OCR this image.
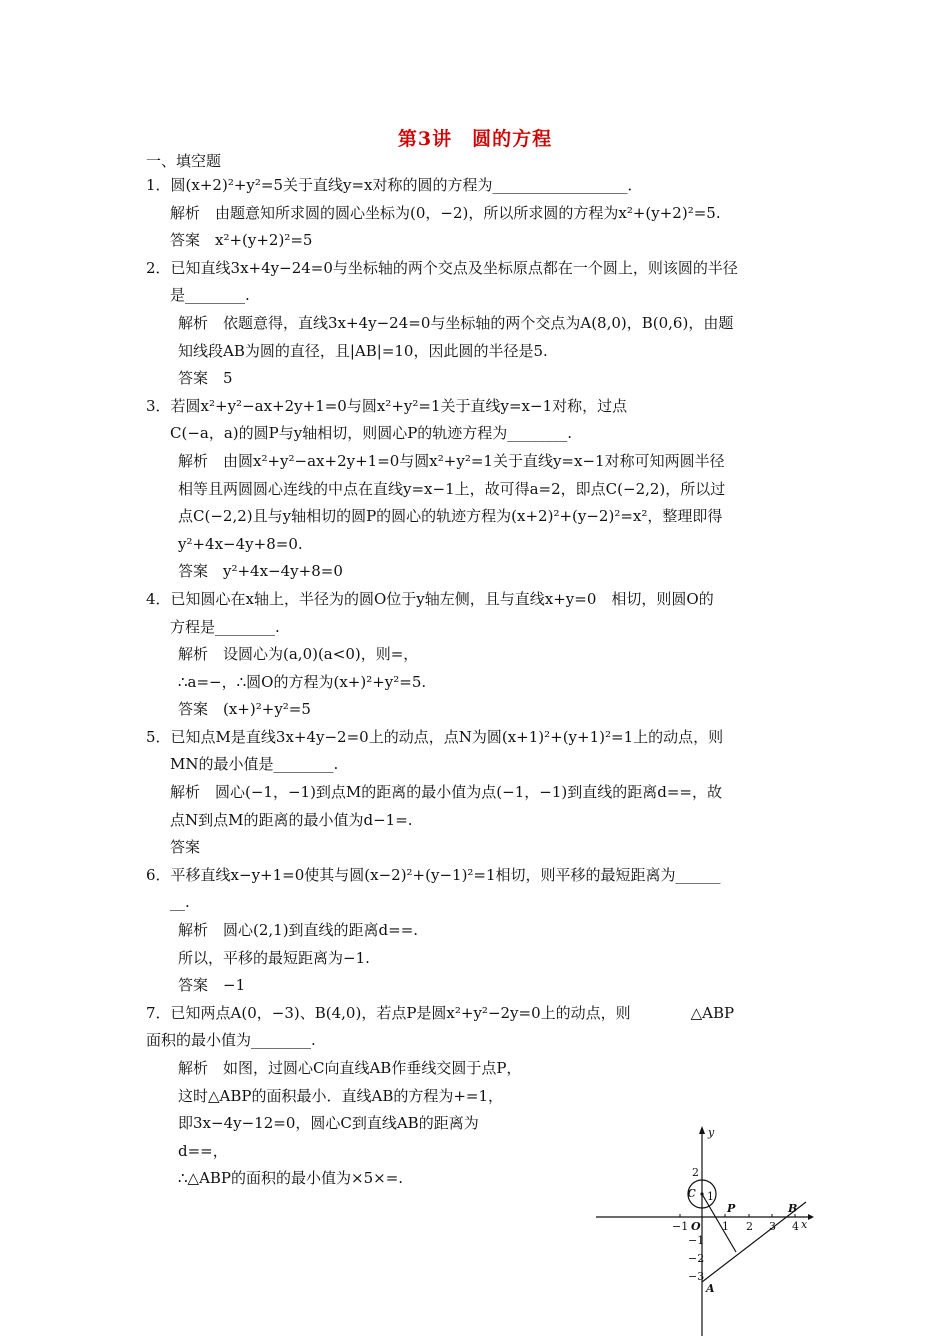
第3讲　圆的方程
一、填空题

1．圆(x+2)²+y²=5关于直线y=x对称的圆的方程为__________________．

解析　由题意知所求圆的圆心坐标为(0，−2)，所以所求圆的方程为x²+(y+2)²=5.

答案　x²+(y+2)²=5

2．已知直线3x+4y−24=0与坐标轴的两个交点及坐标原点都在一个圆上，则该圆的半径

是________.

解析　依题意得，直线3x+4y−24=0与坐标轴的两个交点为A(8,0)，B(0,6)，由题

知线段AB为圆的直径，且|AB|=10，因此圆的半径是5.

答案　5

3．若圆x²+y²−ax+2y+1=0与圆x²+y²=1关于直线y=x−1对称，过点

C(−a，a)的圆P与y轴相切，则圆心P的轨迹方程为________.

解析　由圆x²+y²−ax+2y+1=0与圆x²+y²=1关于直线y=x−1对称可知两圆半径

相等且两圆圆心连线的中点在直线y=x−1上，故可得a=2，即点C(−2,2)，所以过

点C(−2,2)且与y轴相切的圆P的圆心的轨迹方程为(x+2)²+(y−2)²=x²，整理即得

y²+4x−4y+8=0.

答案　y²+4x−4y+8=0

4．已知圆心在x轴上，半径为的圆O位于y轴左侧，且与直线x+y=0　相切，则圆O的

方程是________.

解析　设圆心为(a,0)(a<0)，则=，

∴a=−，∴圆O的方程为(x+)²+y²=5.

答案　(x+)²+y²=5

5．已知点M是直线3x+4y−2=0上的动点，点N为圆(x+1)²+(y+1)²=1上的动点，则

MN的最小值是________.

解析　圆心(−1，−1)到点M的距离的最小值为点(−1，−1)到直线的距离d==，故

点N到点M的距离的最小值为d−1=.

答案

6．平移直线x−y+1=0使其与圆(x−2)²+(y−1)²=1相切，则平移的最短距离为______

__.

解析　圆心(2,1)到直线的距离d==.

所以，平移的最短距离为−1.

答案　−1

7．已知两点A(0，−3)、B(4,0)，若点P是圆x²+y²−2y=0上的动点，则　　　　△ABP

面积的最小值为________.

解析　如图，过圆心C向直线AB作垂线交圆于点P，

这时△ABP的面积最小．直线AB的方程为+=1，

即3x−4y−12=0，圆心C到直线AB的距离为

d==，

∴△ABP的面积的最小值为×5×=.

y
x
O
C
P
A
B
−1	1 2 3 4
2
1
−1
−2
−3
